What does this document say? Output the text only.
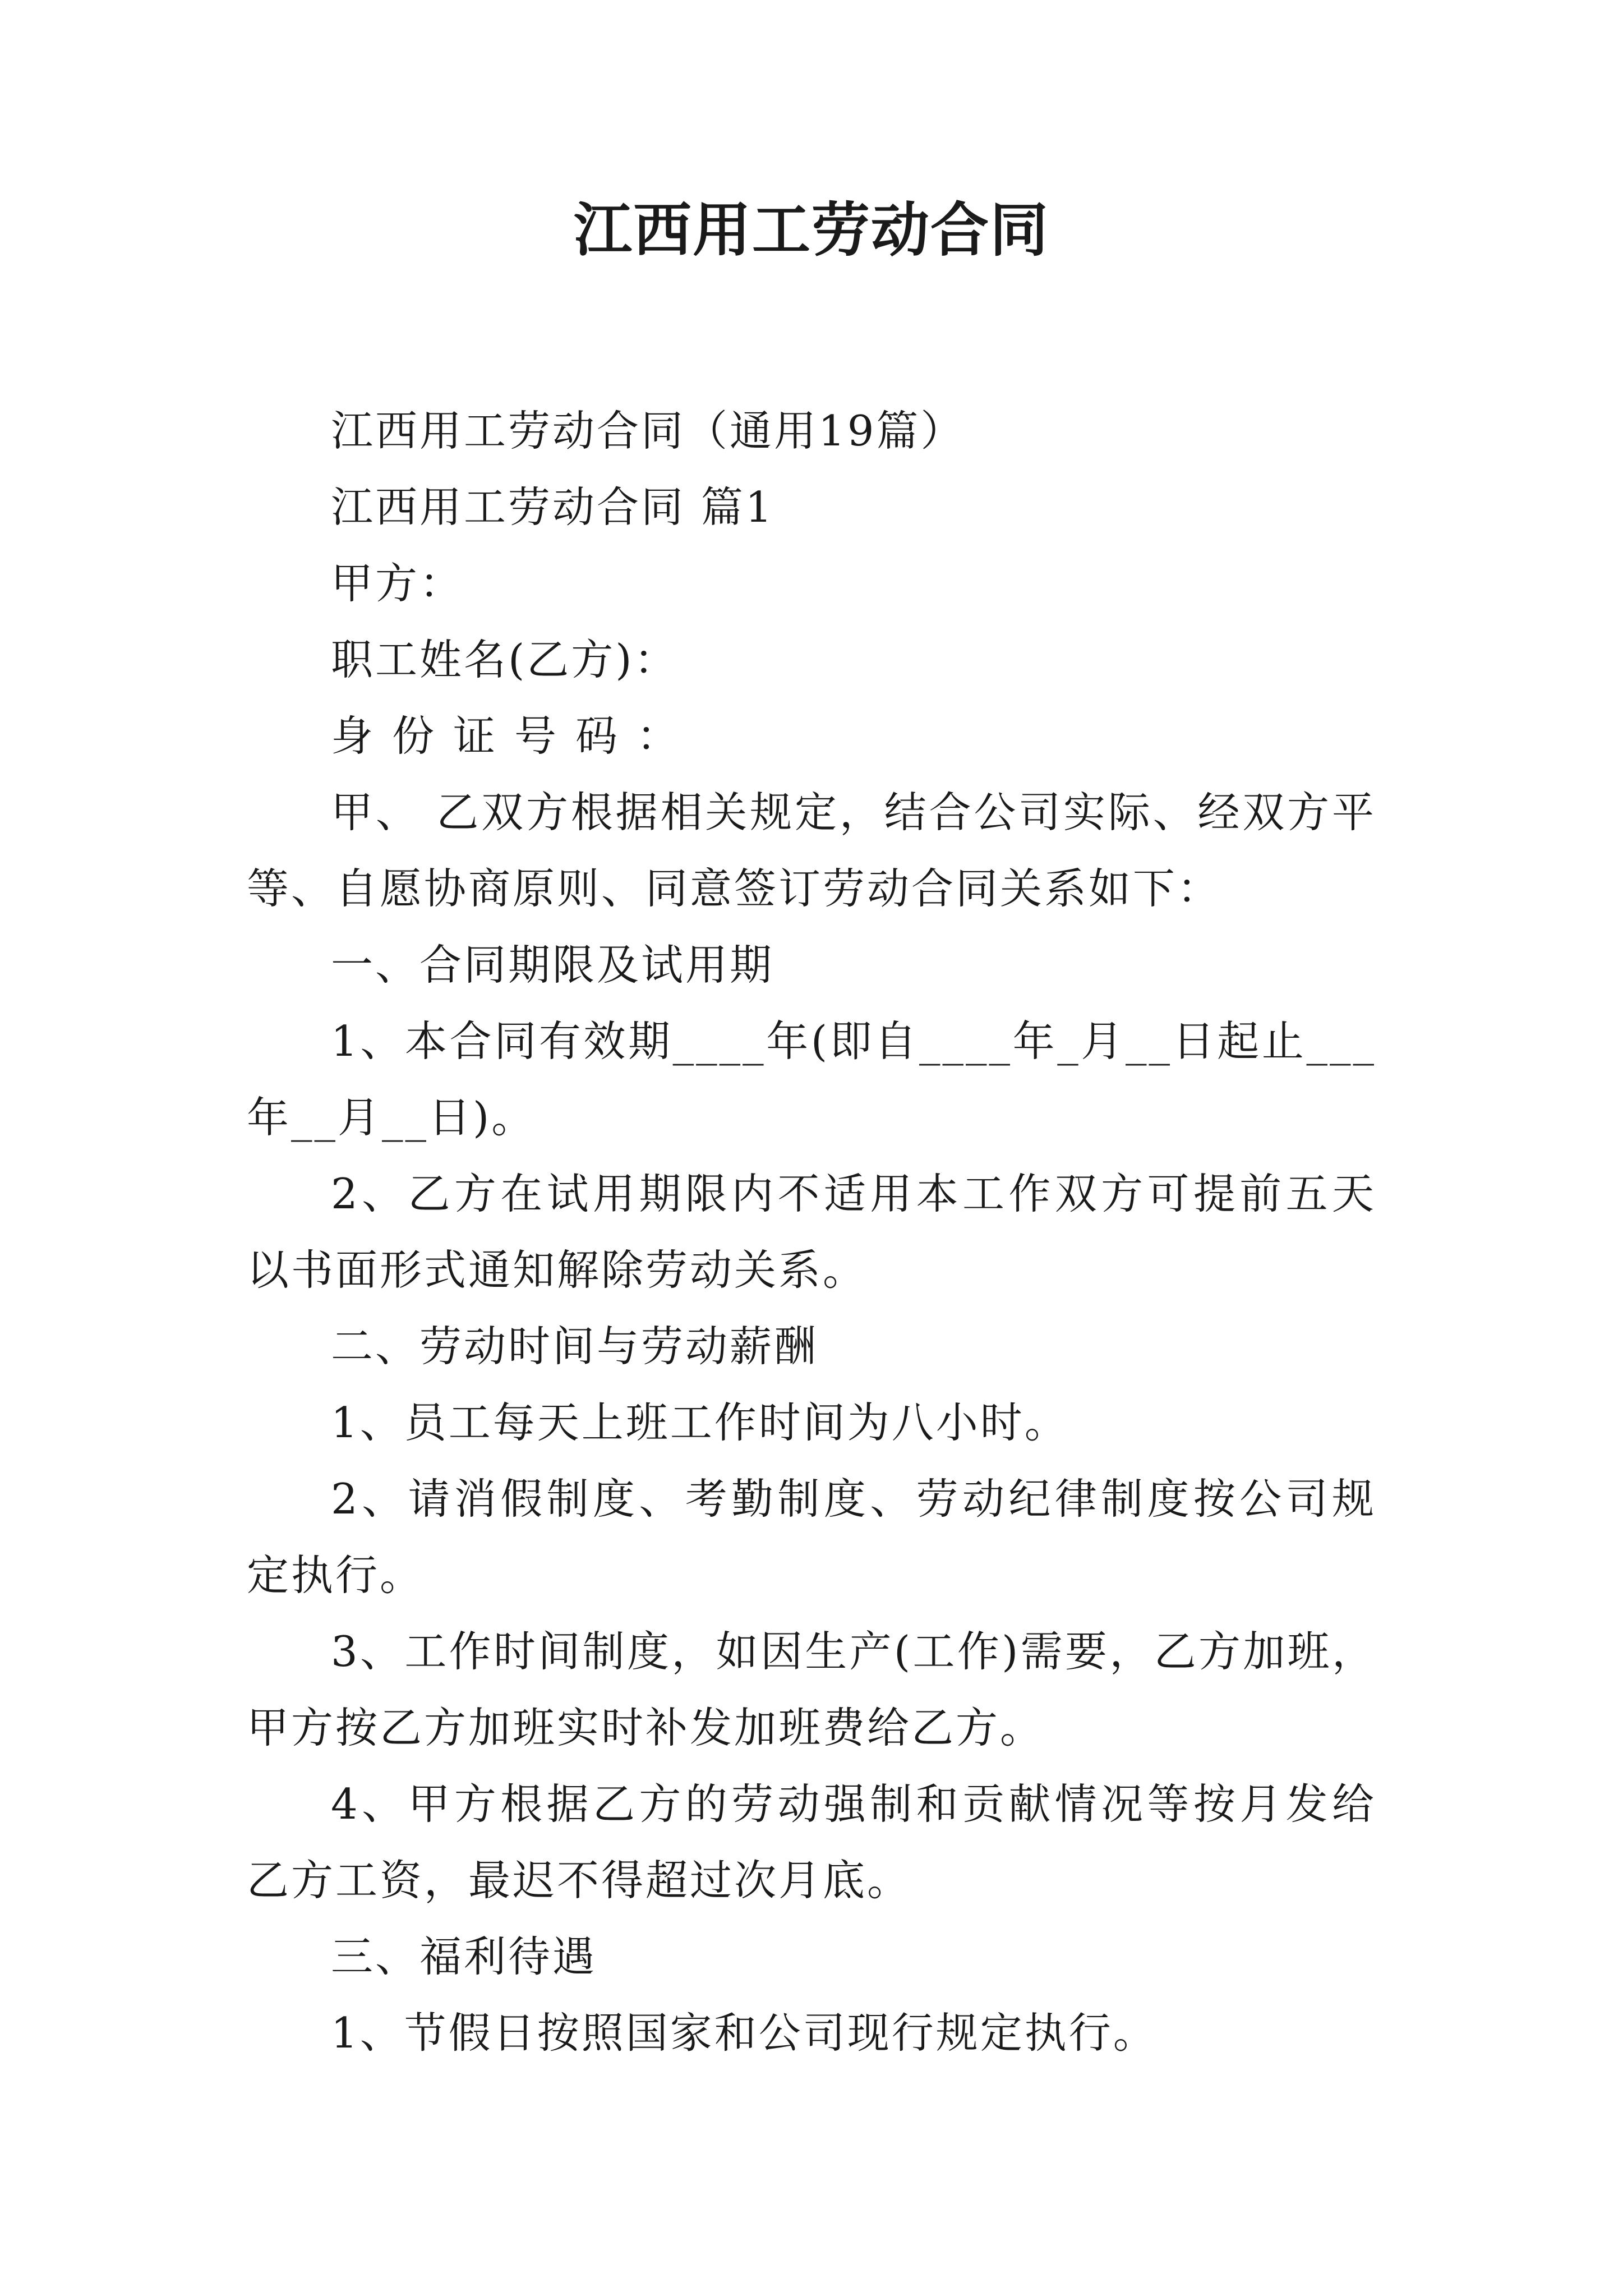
江西用工劳动合同

江西用工劳动合同（通用19篇）

江西用工劳动合同 篇1

甲方：

职工姓名(乙方)：

身份证号码：

甲、 乙双方根据相关规定，结合公司实际、经双方平等、自愿协商原则、同意签订劳动合同关系如下：

一、合同期限及试用期

1、本合同有效期____年(即自____年_月__日起止___年__月__日)。

2、乙方在试用期限内不适用本工作双方可提前五天以书面形式通知解除劳动关系。

二、劳动时间与劳动薪酬

1、员工每天上班工作时间为八小时。

2、请消假制度、考勤制度、劳动纪律制度按公司规定执行。

3、工作时间制度，如因生产(工作)需要，乙方加班，甲方按乙方加班实时补发加班费给乙方。

4、甲方根据乙方的劳动强制和贡献情况等按月发给乙方工资，最迟不得超过次月底。

三、福利待遇

1、节假日按照国家和公司现行规定执行。
